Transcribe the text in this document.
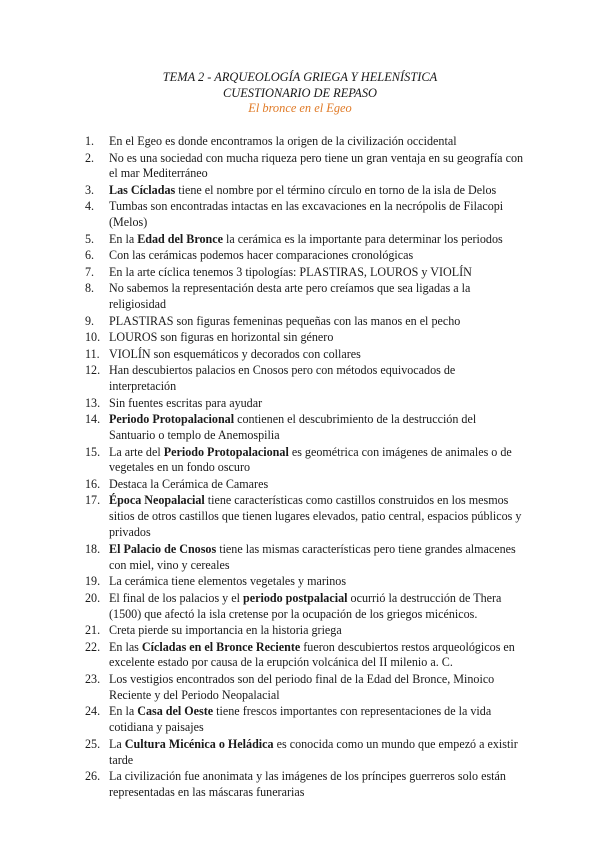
TEMA 2 - ARQUEOLOGÍA GRIEGA Y HELENÍSTICA
CUESTIONARIO DE REPASO
El bronce en el Egeo
1.	En el Egeo es donde encontramos la origen de la civilización occidental
2.	No es una sociedad con mucha riqueza pero tiene un gran ventaja en su geografía con el mar Mediterráneo
3.	Las Cícladas tiene el nombre por el término círculo en torno de la isla de Delos
4.	Tumbas son encontradas intactas en las excavaciones en la necrópolis de Filacopi (Melos)
5.	En la Edad del Bronce la cerámica es la importante para determinar los periodos
6.	Con las cerámicas podemos hacer comparaciones cronológicas
7.	En la arte cíclica tenemos 3 tipologías: PLASTIRAS, LOUROS y VIOLÍN
8.	No sabemos la representación desta arte pero creíamos que sea ligadas a la religiosidad
9.	PLASTIRAS son figuras femeninas pequeñas con las manos en el pecho
10. LOUROS son figuras en horizontal sin género
11. VIOLÍN son esquemáticos y decorados con collares
12. Han descubiertos palacios en Cnosos pero con métodos equivocados de interpretación
13. Sin fuentes escritas para ayudar
14. Periodo Protopalacional contienen el descubrimiento de la destrucción del Santuario o templo de Anemospilia
15. La arte del Periodo Protopalacional es geométrica con imágenes de animales o de vegetales en un fondo oscuro
16. Destaca la Cerámica de Camares
17. Época Neopalacial tiene características como castillos construidos en los mesmos sitios de otros castillos que tienen lugares elevados, patio central, espacios públicos y privados
18. El Palacio de Cnosos tiene las mismas características pero tiene grandes almacenes con miel, vino y cereales
19. La cerámica tiene elementos vegetales y marinos
20. El final de los palacios y el periodo postpalacial ocurrió la destrucción de Thera (1500) que afectó la isla cretense por la ocupación de los griegos micénicos.
21. Creta pierde su importancia en la historia griega
22. En las Cícladas en el Bronce Reciente fueron descubiertos restos arqueológicos en excelente estado por causa de la erupción volcánica del II milenio a. C.
23. Los vestigios encontrados son del periodo final de la Edad del Bronce, Minoico Reciente y del Periodo Neopalacial
24. En la Casa del Oeste tiene frescos importantes con representaciones de la vida cotidiana y paisajes
25. La Cultura Micénica o Heládica es conocida como un mundo que empezó a existir tarde
26. La civilización fue anonimata y las imágenes de los príncipes guerreros solo están representadas en las máscaras funerarias
